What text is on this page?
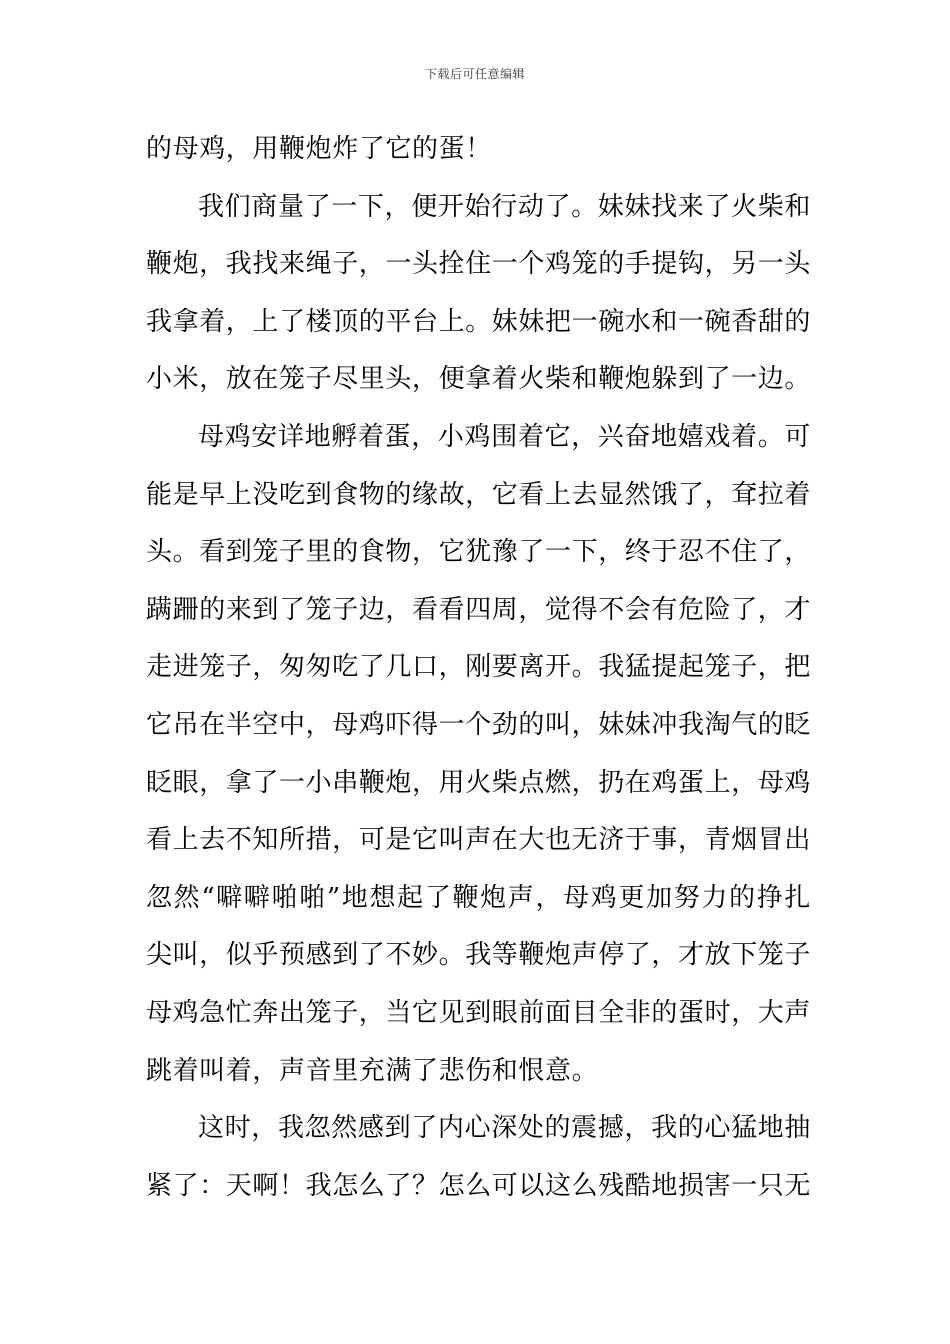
下载后可任意编辑
的母鸡，用鞭炮炸了它的蛋！
我们商量了一下，便开始行动了。妹妹找来了火柴和
鞭炮，我找来绳子，一头拴住一个鸡笼的手提钩，另一头
我拿着，上了楼顶的平台上。妹妹把一碗水和一碗香甜的
小米，放在笼子尽里头，便拿着火柴和鞭炮躲到了一边。
母鸡安详地孵着蛋，小鸡围着它，兴奋地嬉戏着。可
能是早上没吃到食物的缘故，它看上去显然饿了，耷拉着
头。看到笼子里的食物，它犹豫了一下，终于忍不住了，
蹒跚的来到了笼子边，看看四周，觉得不会有危险了，才
走进笼子，匆匆吃了几口，刚要离开。我猛提起笼子，把
它吊在半空中，母鸡吓得一个劲的叫，妹妹冲我淘气的眨
眨眼，拿了一小串鞭炮，用火柴点燃，扔在鸡蛋上，母鸡
看上去不知所措，可是它叫声在大也无济于事，青烟冒出
忽然“噼噼啪啪”地想起了鞭炮声，母鸡更加努力的挣扎
尖叫，似乎预感到了不妙。我等鞭炮声停了，才放下笼子
母鸡急忙奔出笼子，当它见到眼前面目全非的蛋时，大声
跳着叫着，声音里充满了悲伤和恨意。
这时，我忽然感到了内心深处的震撼，我的心猛地抽
紧了：天啊！我怎么了？怎么可以这么残酷地损害一只无
